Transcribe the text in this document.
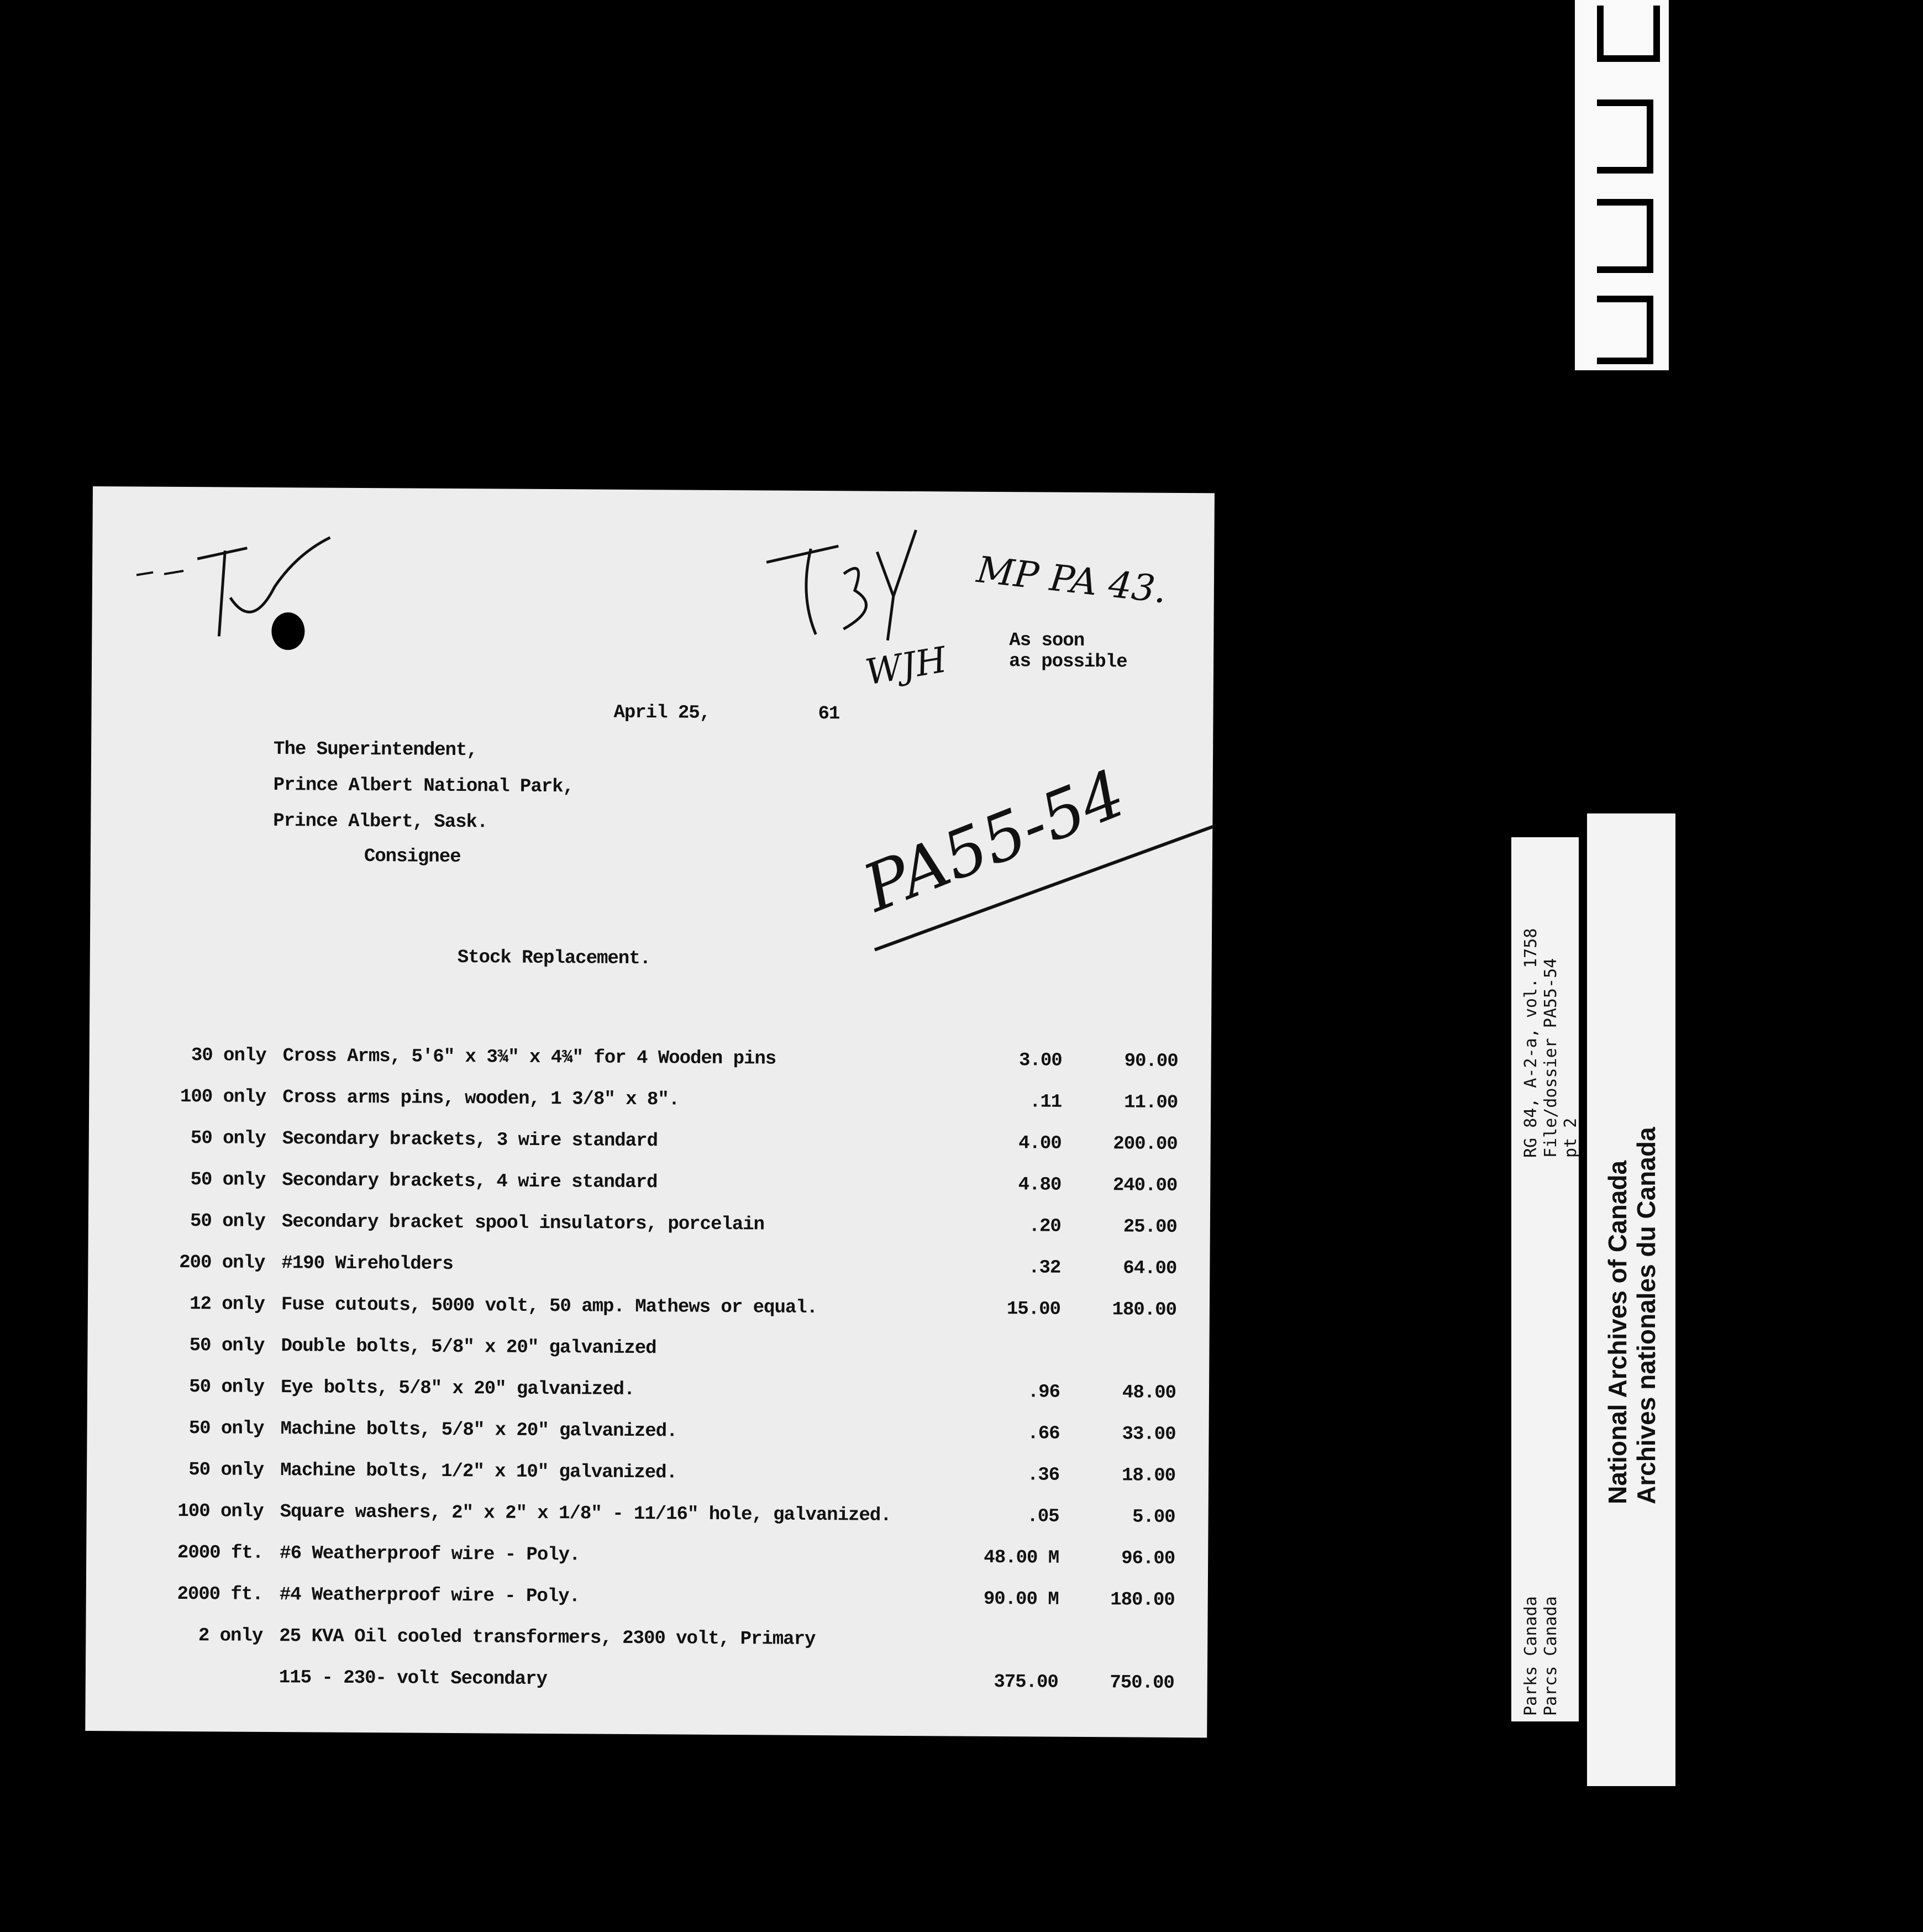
MP PA 43.
WJH
PA55-54
As soon
as possible
April 25,	61
The Superintendent,
Prince Albert National Park,
Prince Albert, Sask.
Consignee
Stock Replacement.
30 only Cross Arms, 5'6" x 3¾" x 4¾" for 4 Wooden pins	3.00	90.00
100 only Cross arms pins, wooden, 1 3/8" x 8".	.11	11.00
50 only Secondary brackets, 3 wire standard	4.00	200.00
50 only Secondary brackets, 4 wire standard	4.80	240.00
50 only Secondary bracket spool insulators, porcelain	.20	25.00
200 only #190 Wireholders	.32	64.00
12 only Fuse cutouts, 5000 volt, 50 amp. Mathews or equal.	15.00	180.00
50 only Double bolts, 5/8" x 20" galvanized
50 only Eye bolts, 5/8" x 20" galvanized.	.96	48.00
50 only Machine bolts, 5/8" x 20" galvanized.	.66	33.00
50 only Machine bolts, 1/2" x 10" galvanized.	.36	18.00
100 only Square washers, 2" x 2" x 1/8" - 11/16" hole, galvanized.	.05	5.00
2000 ft. #6 Weatherproof wire - Poly.	48.00 M	96.00
2000 ft. #4 Weatherproof wire - Poly.	90.00 M	180.00
2 only 25 KVA Oil cooled transformers, 2300 volt, Primary
115 - 230- volt Secondary	375.00	750.00
RG 84, A-2-a, vol. 1758 File/dossier PA55-54 pt 2
Parks Canada Parcs Canada
National Archives of Canada Archives nationales du Canada
